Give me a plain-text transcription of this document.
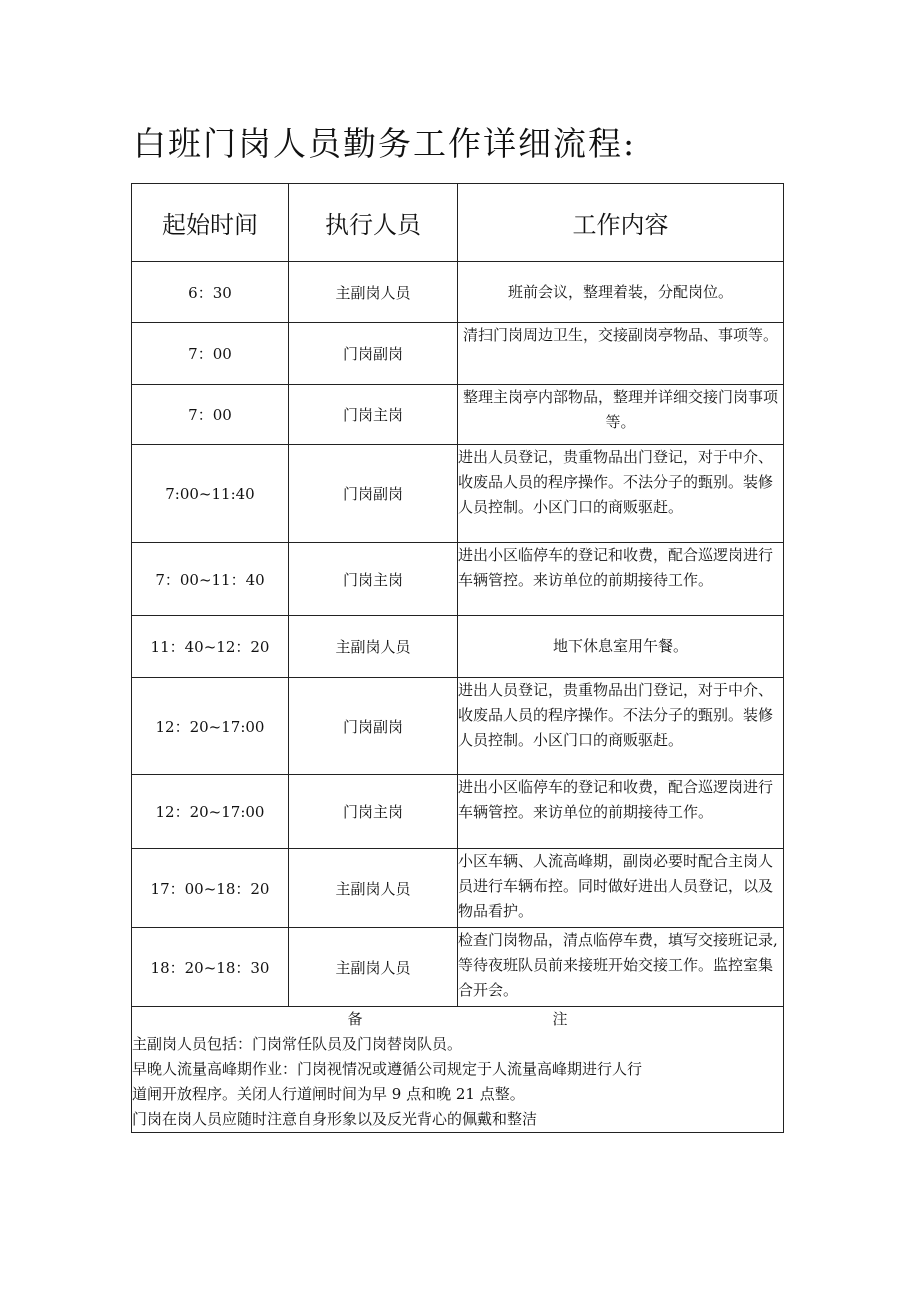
白班门岗人员勤务工作详细流程:
起始时间	执行人员	工作内容
6：30	主副岗人员	班前会议，整理着装，分配岗位。
7：00	门岗副岗	清扫门岗周边卫生，交接副岗亭物品、事项等。
7：00	门岗主岗	整理主岗亭内部物品，整理并详细交接门岗事项等。
7:00~11:40	门岗副岗	进出人员登记，贵重物品出门登记，对于中介、收废品人员的程序操作。不法分子的甄别。装修人员控制。小区门口的商贩驱赶。
7：00~11：40	门岗主岗	进出小区临停车的登记和收费，配合巡逻岗进行车辆管控。来访单位的前期接待工作。
11：40~12：20	主副岗人员	地下休息室用午餐。
12：20~17:00	门岗副岗	进出人员登记，贵重物品出门登记，对于中介、收废品人员的程序操作。不法分子的甄别。装修人员控制。小区门口的商贩驱赶。
12：20~17:00	门岗主岗	进出小区临停车的登记和收费，配合巡逻岗进行车辆管控。来访单位的前期接待工作。
17：00~18：20	主副岗人员	小区车辆、人流高峰期，副岗必要时配合主岗人员进行车辆布控。同时做好进出人员登记，以及物品看护。
18：20~18：30	主副岗人员	检查门岗物品，清点临停车费，填写交接班记录,等待夜班队员前来接班开始交接工作。监控室集合开会。

备 注
主副岗人员包括：门岗常任队员及门岗替岗队员。
早晚人流量高峰期作业：门岗视情况或遵循公司规定于人流量高峰期进行人行
道闸开放程序。关闭人行道闸时间为早 9 点和晚 21 点整。
门岗在岗人员应随时注意自身形象以及反光背心的佩戴和整洁		
